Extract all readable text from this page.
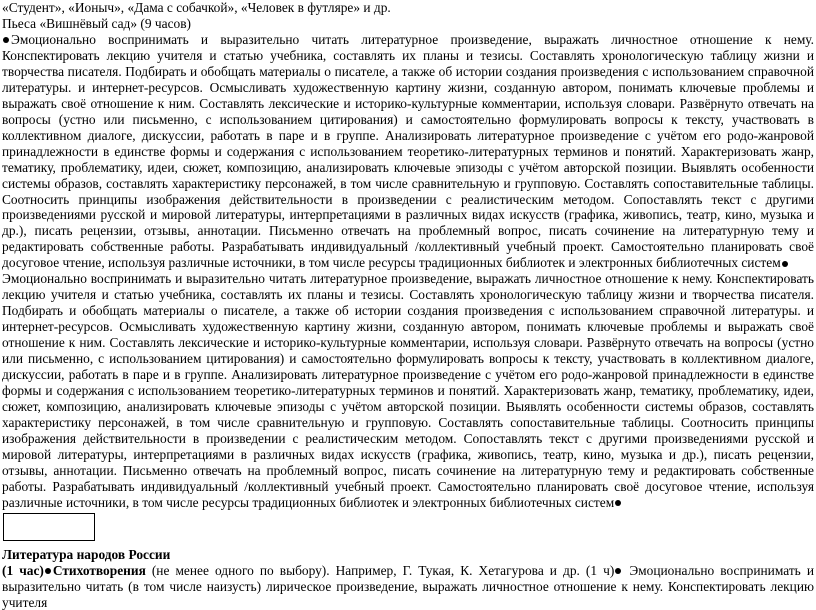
«Студент», «Ионыч», «Дама с собачкой», «Человек в футляре» и др.
Пьеса «Вишнёвый сад» (9 часов)

Эмоционально воспринимать и выразительно читать литературное произведение, выражать личностное отношение к нему. Конспектировать лекцию учителя и статью учебника, составлять их планы и тезисы. Составлять хронологическую таблицу жизни и творчества писателя. Подбирать и обобщать материалы о писателе, а также об истории создания произведения с использованием справочной литературы. и интернет-ресурсов. Осмысливать художественную картину жизни, созданную автором, понимать ключевые проблемы и выражать своё отношение к ним. Составлять лексические и историко-культурные комментарии, используя словари. Развёрнуто отвечать на вопросы (устно или письменно, с использованием цитирования) и самостоятельно формулировать вопросы к тексту, участвовать в коллективном диалоге, дискуссии, работать в паре и в группе. Анализировать литературное произведение с учётом его родо-жанровой принадлежности в единстве формы и содержания с использованием теоретико-литературных терминов и понятий. Характеризовать жанр, тематику, проблематику, идеи, сюжет, композицию, анализировать ключевые эпизоды с учётом авторской позиции. Выявлять особенности системы образов, составлять характеристику персонажей, в том числе сравнительную и групповую. Составлять сопоставительные таблицы. Соотносить принципы изображения действительности в произведении с реалистическим методом. Сопоставлять текст с другими произведениями русской и мировой литературы, интерпретациями в различных видах искусств (графика, живопись, театр, кино, музыка и др.), писать рецензии, отзывы, аннотации. Письменно отвечать на проблемный вопрос, писать сочинение на литературную тему и редактировать собственные работы. Разрабатывать индивидуальный /коллективный учебный проект. Самостоятельно планировать своё досуговое чтение, используя различные источники, в том числе ресурсы традиционных библиотек и электронных библиотечных систем

Эмоционально воспринимать и выразительно читать литературное произведение, выражать личностное отношение к нему. Конспектировать лекцию учителя и статью учебника, составлять их планы и тезисы. Составлять хронологическую таблицу жизни и творчества писателя. Подбирать и обобщать материалы о писателе, а также об истории создания произведения с использованием справочной литературы. и интернет-ресурсов. Осмысливать художественную картину жизни, созданную автором, понимать ключевые проблемы и выражать своё отношение к ним. Составлять лексические и историко-культурные комментарии, используя словари. Развёрнуто отвечать на вопросы (устно или письменно, с использованием цитирования) и самостоятельно формулировать вопросы к тексту, участвовать в коллективном диалоге, дискуссии, работать в паре и в группе. Анализировать литературное произведение с учётом его родо-жанровой принадлежности в единстве формы и содержания с использованием теоретико-литературных терминов и понятий. Характеризовать жанр, тематику, проблематику, идеи, сюжет, композицию, анализировать ключевые эпизоды с учётом авторской позиции. Выявлять особенности системы образов, составлять характеристику персонажей, в том числе сравнительную и групповую. Составлять сопоставительные таблицы. Соотносить принципы изображения действительности в произведении с реалистическим методом. Сопоставлять текст с другими произведениями русской и мировой литературы, интерпретациями в различных видах искусств (графика, живопись, театр, кино, музыка и др.), писать рецензии, отзывы, аннотации. Письменно отвечать на проблемный вопрос, писать сочинение на литературную тему и редактировать собственные работы. Разрабатывать индивидуальный /коллективный учебный проект. Самостоятельно планировать своё досуговое чтение, используя различные источники, в том числе ресурсы традиционных библиотек и электронных библиотечных систем

Литература народов России

(1 час) Стихотворения (не менее одного по выбору). Например, Г. Тукая, К. Хетагурова и др. (1 ч) Эмоционально воспринимать и выразительно читать (в том числе наизусть) лирическое произведение, выражать личностное отношение к нему. Конспектировать лекцию учителя
